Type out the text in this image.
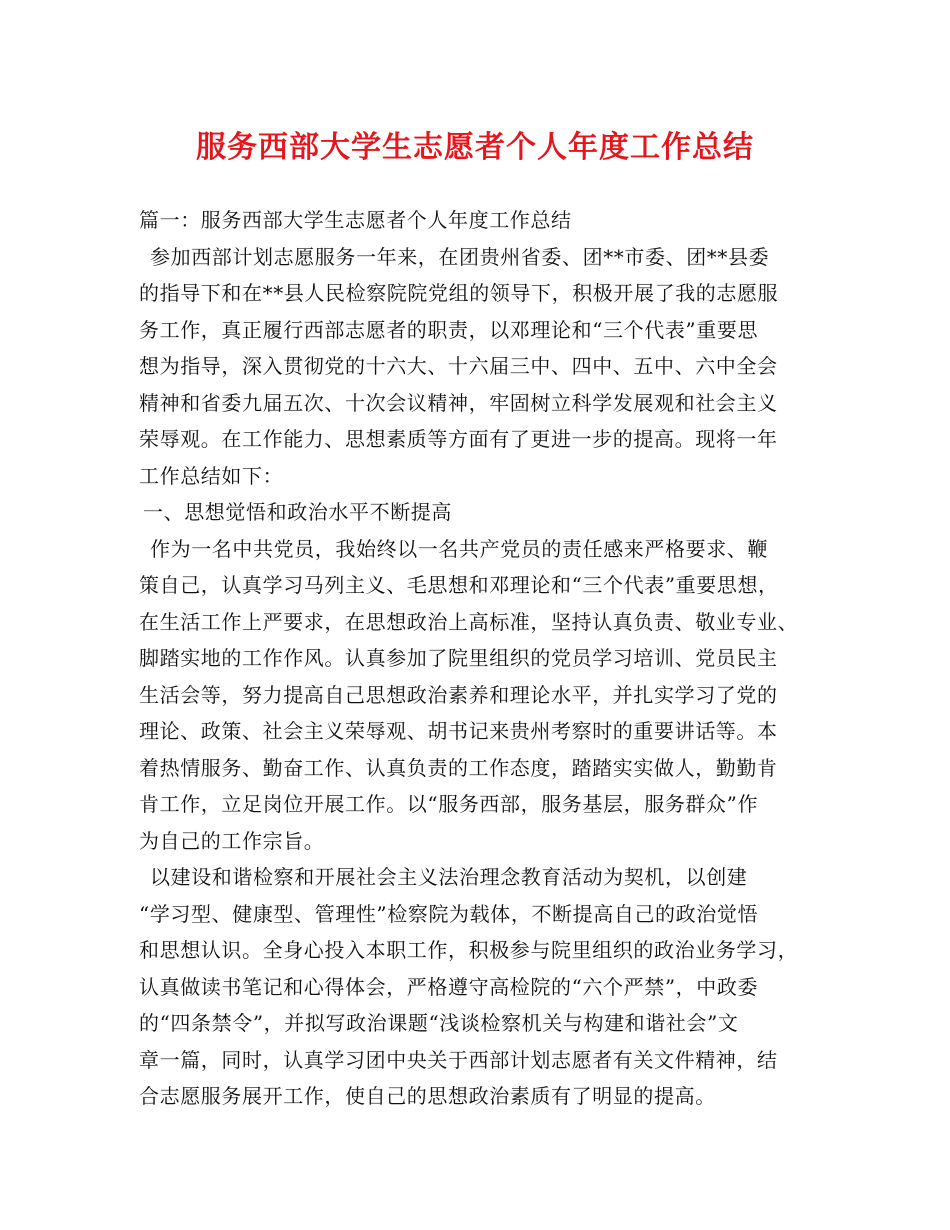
服务西部大学生志愿者个人年度工作总结
篇一：服务西部大学生志愿者个人年度工作总结
参加西部计划志愿服务一年来，在团贵州省委、团**市委、团**县委
的指导下和在**县人民检察院院党组的领导下，积极开展了我的志愿服
务工作，真正履行西部志愿者的职责，以邓理论和“三个代表”重要思
想为指导，深入贯彻党的十六大、十六届三中、四中、五中、六中全会
精神和省委九届五次、十次会议精神，牢固树立科学发展观和社会主义
荣辱观。在工作能力、思想素质等方面有了更进一步的提高。现将一年
工作总结如下：
一、思想觉悟和政治水平不断提高
作为一名中共党员，我始终以一名共产党员的责任感来严格要求、鞭
策自己，认真学习马列主义、毛思想和邓理论和“三个代表”重要思想，
在生活工作上严要求，在思想政治上高标准，坚持认真负责、敬业专业、
脚踏实地的工作作风。认真参加了院里组织的党员学习培训、党员民主
生活会等，努力提高自己思想政治素养和理论水平，并扎实学习了党的
理论、政策、社会主义荣辱观、胡书记来贵州考察时的重要讲话等。本
着热情服务、勤奋工作、认真负责的工作态度，踏踏实实做人，勤勤肯
肯工作，立足岗位开展工作。以“服务西部，服务基层，服务群众”作
为自己的工作宗旨。
以建设和谐检察和开展社会主义法治理念教育活动为契机，以创建
“学习型、健康型、管理性”检察院为载体，不断提高自己的政治觉悟
和思想认识。全身心投入本职工作，积极参与院里组织的政治业务学习，
认真做读书笔记和心得体会，严格遵守高检院的“六个严禁”，中政委
的“四条禁令”，并拟写政治课题“浅谈检察机关与构建和谐社会”文
章一篇，同时，认真学习团中央关于西部计划志愿者有关文件精神，结
合志愿服务展开工作，使自己的思想政治素质有了明显的提高。
